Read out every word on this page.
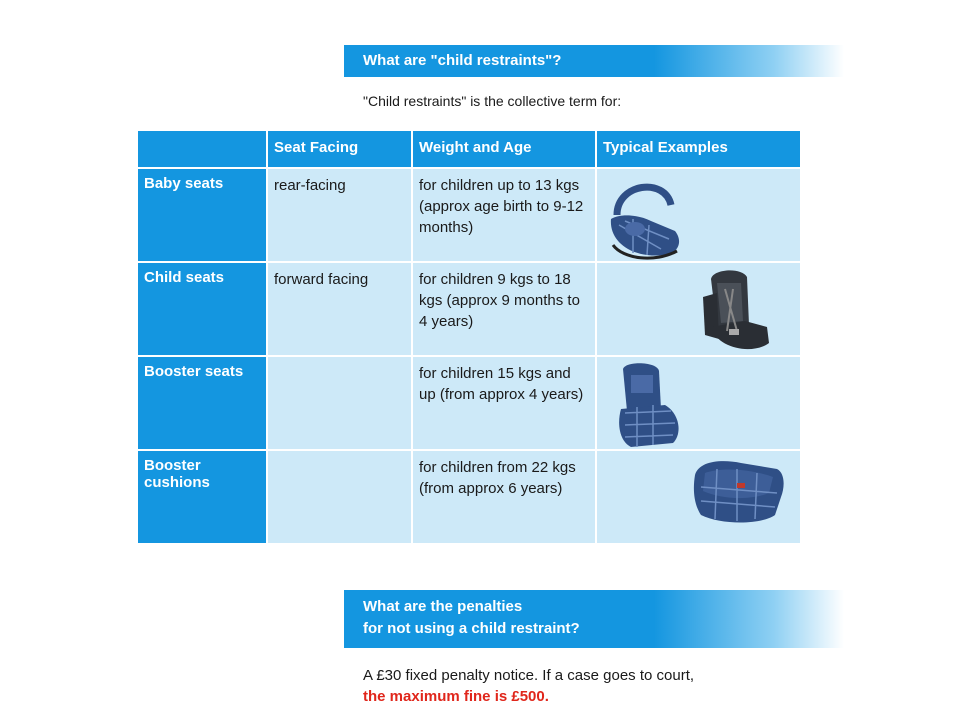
What are "child restraints"?
"Child restraints" is the collective term for:
	Seat Facing	Weight and Age	Typical Examples
Baby seats	rear-facing	for children up to 13 kgs (approx age birth to 9-12 months)	

Child seats	forward facing	for children 9 kgs to 18 kgs (approx 9 months to 4 years)	

Booster seats		for children 15 kgs and up (from approx 4 years)	

Booster cushions		for children from 22 kgs (from approx 6 years)	
What are the penalties
for not using a child restraint?
A £30 fixed penalty notice. If a case goes to court,
the maximum fine is £500.
